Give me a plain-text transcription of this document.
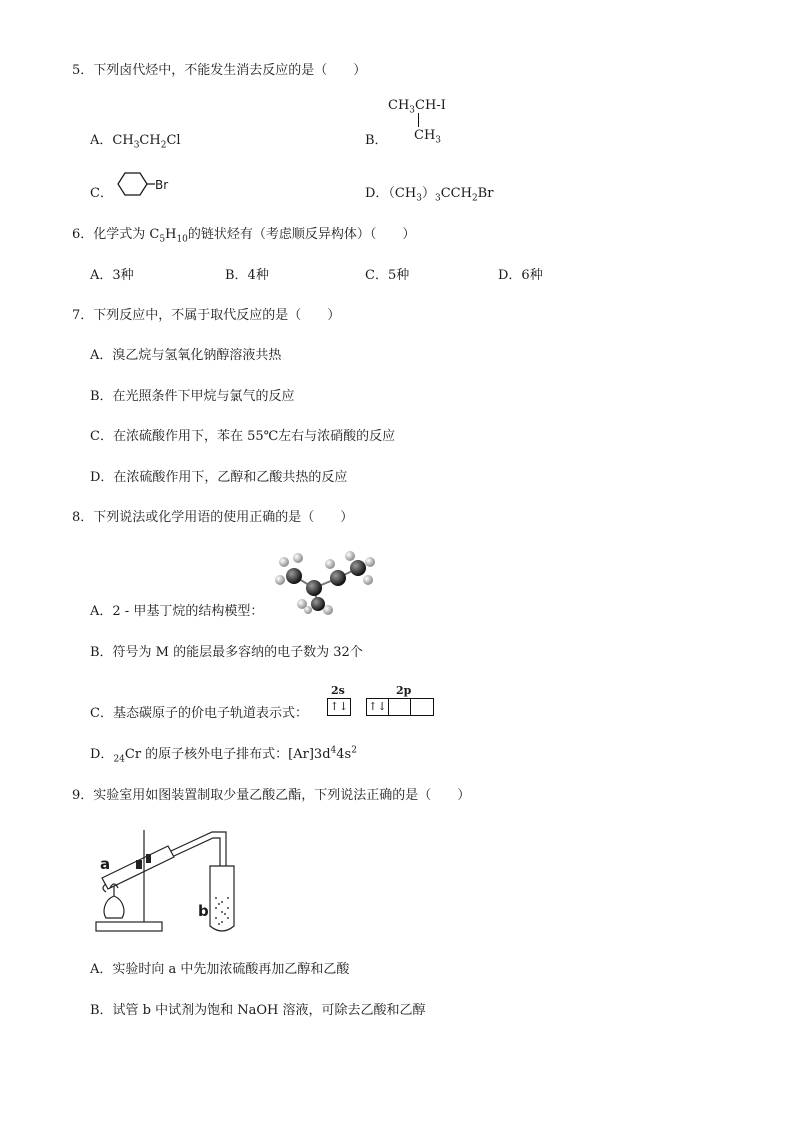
5．下列卤代烃中，不能发生消去反应的是（　　）
A．$CH_3CH_2Cl$	B．
$CH_3CH-I$
$CH_3$
C．
Br
D．$(CH_3)_3CCH_2Br$
6．化学式为 $C_5H_{10}$的链状烃有（考虑顺反异构体）（　　）
A．3种	B．4种	C．5种	D．6种
7．下列反应中，不属于取代反应的是（　　）
A．溴乙烷与氢氧化钠醇溶液共热
B．在光照条件下甲烷与氯气的反应
C．在浓硫酸作用下，苯在 55℃左右与浓硝酸的反应
D．在浓硫酸作用下，乙醇和乙酸共热的反应
8．下列说法或化学用语的使用正确的是（　　）
A．2 - 甲基丁烷的结构模型：
B．符号为 M 的能层最多容纳的电子数为 32个
C．基态碳原子的价电子轨道表示式：
2s
↑↓
2p
↑↓
D．$_{24}$Cr 的原子核外电子排布式：$[Ar]3d^44s^2$
9．实验室用如图装置制取少量乙酸乙酯，下列说法正确的是（　　）
a
b
A．实验时向 a 中先加浓硫酸再加乙醇和乙酸
B．试管 b 中试剂为饱和 NaOH 溶液，可除去乙酸和乙醇
